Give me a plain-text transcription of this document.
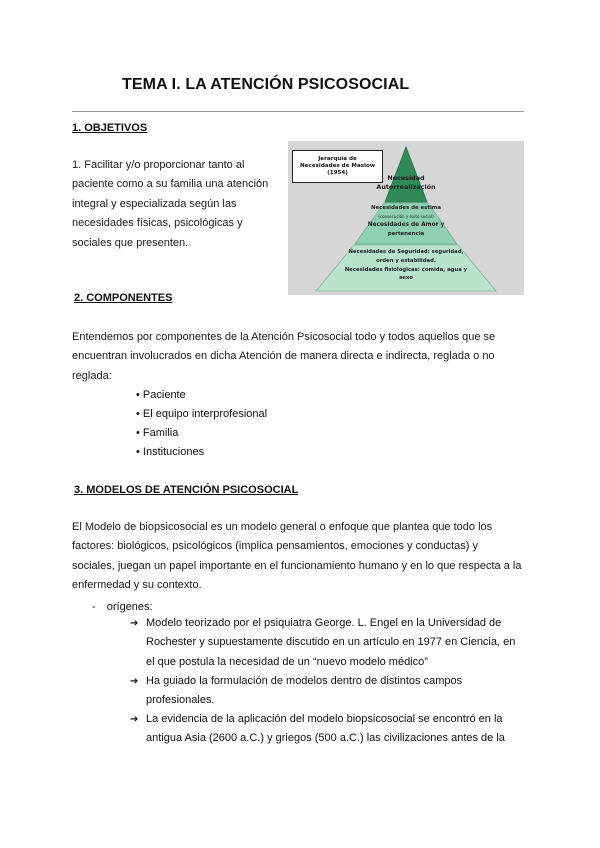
TEMA I. LA ATENCIÓN PSICOSOCIAL
1. OBJETIVOS
1. Facilitar y/o proporcionar tanto al
paciente como a su familia una atención
integral y especializada según las
necesidades físicas, psicológicas y
sociales que presenten.
Jerarquía de
Necesidades de Maslow
(1954)
Necesidad
Autorrealización
Necesidades de estima
(consecución y éxito social)
Necesidades de Amor y
pertenencia
Necesidades de Seguridad: seguridad,
orden y estabilidad.
Necesidades fisiológicas: comida, agua y
sexo
2. COMPONENTES
Entendemos por componentes de la Atención Psicosocial todo y todos aquellos que se
encuentran involucrados en dicha Atención de manera directa e indirecta, reglada o no
reglada:
• Paciente
• El equipo interprofesional
• Familia
• Instituciones
3. MODELOS DE ATENCIÓN PSICOSOCIAL
El Modelo de biopsicosocial es un modelo general o enfoque que plantea que todo los
factores: biológicos, psicológicos (implica pensamientos, emociones y conductas) y
sociales, juegan un papel importante en el funcionamiento humano y en lo que respecta a la
enfermedad y su contexto.
- orígenes:
➔ Modelo teorizado por el psiquiatra George. L. Engel en la Universidad de
Rochester y supuestamente discutido en un artículo en 1977 en Ciencia, en
el que postula la necesidad de un “nuevo modelo médico”
➔ Ha guiado la formulación de modelos dentro de distintos campos
profesionales.
➔ La evidencia de la aplicación del modelo biopsicosocial se encontró en la
antigua Asia (2600 a.C.) y griegos (500 a.C.) las civilizaciones antes de la
